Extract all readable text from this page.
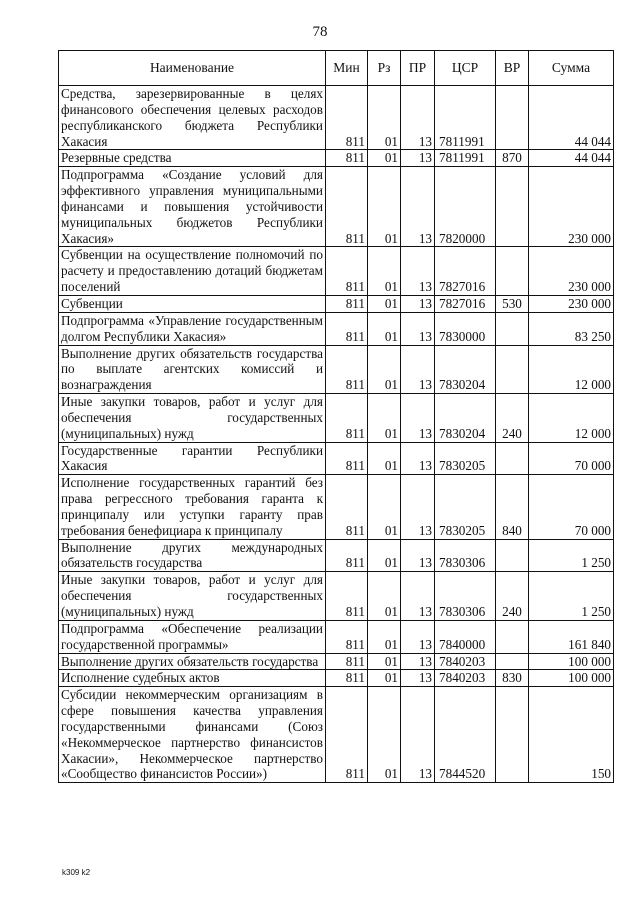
78
Наименование	Мин	Рз	ПР	ЦСР	ВР	Сумма
Средства, зарезервированные в целях финансового обеспечения целевых расходов республиканского бюджета Республики Хакасия	811	01	13	7811991		44 044
Резервные средства	811	01	13	7811991	870	44 044
Подпрограмма «Создание условий для эффективного управления муниципальными финансами и повышения устойчивости муниципальных бюджетов Республики Хакасия»	811	01	13	7820000		230 000
Субвенции на осуществление полномочий по расчету и предоставлению дотаций бюджетам поселений	811	01	13	7827016		230 000
Субвенции	811	01	13	7827016	530	230 000
Подпрограмма «Управление государственным долгом Республики Хакасия»	811	01	13	7830000		83 250
Выполнение других обязательств государства по выплате агентских комиссий и вознаграждения	811	01	13	7830204		12 000
Иные закупки товаров, работ и услуг для обеспечения государственных (муниципальных) нужд	811	01	13	7830204	240	12 000
Государственные гарантии Республики Хакасия	811	01	13	7830205		70 000
Исполнение государственных гарантий без права регрессного требования гаранта к принципалу или уступки гаранту прав требования бенефициара к принципалу	811	01	13	7830205	840	70 000
Выполнение других международных обязательств государства	811	01	13	7830306		1 250
Иные закупки товаров, работ и услуг для обеспечения государственных (муниципальных) нужд	811	01	13	7830306	240	1 250
Подпрограмма «Обеспечение реализации государственной программы»	811	01	13	7840000		161 840
Выполнение других обязательств государства	811	01	13	7840203		100 000
Исполнение судебных актов	811	01	13	7840203	830	100 000
Субсидии некоммерческим организациям в сфере повышения качества управления государственными финансами (Союз «Некоммерческое партнерство финансистов Хакасии», Некоммерческое партнерство «Сообщество финансистов России»)	811	01	13	7844520		150
k309 k2
